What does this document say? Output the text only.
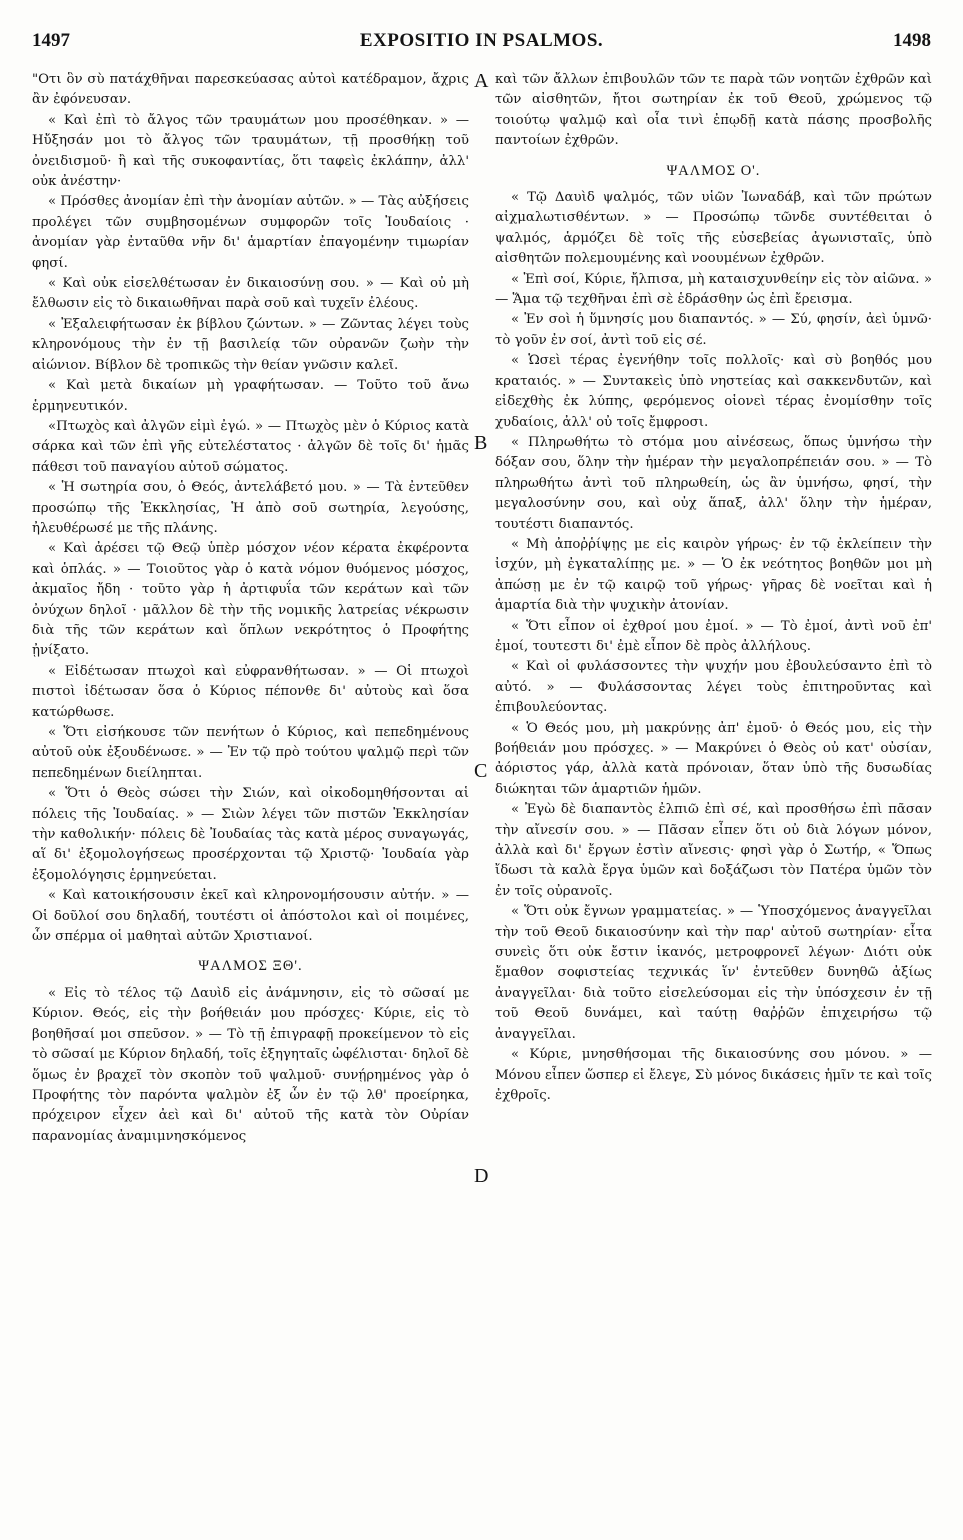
1497	EXPOSITIO IN PSALMOS.	1498

"Οτι ὃν σὺ πατάχθῆναι παρεσκεύασας αὐτοὶ κατέδραμον, ἄχρις ἂν ἐφόνευσαν.

« Καὶ ἐπὶ τὸ ἄλγος τῶν τραυμάτων μου προσέθηκαν. » — Ηὔξησάν μοι τὸ ἄλγος τῶν τραυμάτων, τῇ προσθήκῃ τοῦ ὀνειδισμοῦ· ἢ καὶ τῆς συκοφαντίας, ὅτι ταφεὶς ἐκλάπην, ἀλλ' οὐκ ἀνέστην·

« Πρόσθες ἀνομίαν ἐπὶ τὴν ἀνομίαν αὐτῶν. » — Τὰς αὐξήσεις προλέγει τῶν συμβησομένων συμφορῶν τοῖς Ἰουδαίοις · ἀνομίαν γὰρ ἐνταῦθα νῆν δι' ἁμαρτίαν ἐπαγομένην τιμωρίαν φησί.

« Καὶ οὐκ εἰσελθέτωσαν ἐν δικαιοσύνῃ σου. » — Καὶ οὐ μὴ ἔλθωσιν εἰς τὸ δικαιωθῆναι παρὰ σοῦ καὶ τυχεῖν ἐλέους.

« Ἐξαλειφήτωσαν ἐκ βίβλου ζώντων. » — Ζῶντας λέγει τοὺς κληρονόμους τὴν ἐν τῇ βασιλείᾳ τῶν οὐρανῶν ζωὴν τὴν αἰώνιον. Βίβλον δὲ τροπικῶς τὴν θείαν γνῶσιν καλεῖ.

« Καὶ μετὰ δικαίων μὴ γραφήτωσαν. — Τοῦτο τοῦ ἄνω ἑρμηνευτικόν.

«Πτωχὸς καὶ ἀλγῶν εἰμὶ ἐγώ. » — Πτωχὸς μὲν ὁ Κύριος κατὰ σάρκα καὶ τῶν ἐπὶ γῆς εὐτελέστατος · ἀλγῶν δὲ τοῖς δι' ἡμᾶς πάθεσι τοῦ παναγίου αὐτοῦ σώματος.

« Ἡ σωτηρία σου, ὁ Θεός, ἀντελάβετό μου. » — Τὰ ἐντεῦθεν προσώπῳ τῆς Ἐκκλησίας, Ἡ ἀπὸ σοῦ σωτηρία, λεγούσης, ἠλευθέρωσέ με τῆς πλάνης.

« Καὶ ἀρέσει τῷ Θεῷ ὑπὲρ μόσχον νέον κέρατα ἐκφέροντα καὶ ὁπλάς. » — Τοιοῦτος γὰρ ὁ κατὰ νόμον θυόμενος μόσχος, ἀκμαῖος ἤδη · τοῦτο γὰρ ἡ ἀρτιφυΐα τῶν κεράτων καὶ τῶν ὀνύχων δηλοῖ · μᾶλλον δὲ τὴν τῆς νομικῆς λατρείας νέκρωσιν διὰ τῆς τῶν κεράτων καὶ ὅπλων νεκρότητος ὁ Προφήτης ᾐνίξατο.

« Εἰδέτωσαν πτωχοὶ καὶ εὐφρανθήτωσαν. » — Οἱ πτωχοὶ πιστοὶ ἰδέτωσαν ὅσα ὁ Κύριος πέπονθε δι' αὐτοὺς καὶ ὅσα κατώρθωσε.

« Ὅτι εἰσήκουσε τῶν πενήτων ὁ Κύριος, καὶ πεπεδημένους αὐτοῦ οὐκ ἐξουδένωσε. » — Ἐν τῷ πρὸ τούτου ψαλμῷ περὶ τῶν πεπεδημένων διείληπται.

« Ὅτι ὁ Θεὸς σώσει τὴν Σιών, καὶ οἰκοδομηθήσονται αἱ πόλεις τῆς Ἰουδαίας. » — Σιὼν λέγει τῶν πιστῶν Ἐκκλησίαν τὴν καθολικήν· πόλεις δὲ Ἰουδαίας τὰς κατὰ μέρος συναγωγάς, αἵ δι' ἐξομολογήσεως προσέρχονται τῷ Χριστῷ· Ἰουδαία γὰρ ἐξομολόγησις ἑρμηνεύεται.

« Καὶ κατοικήσουσιν ἐκεῖ καὶ κληρονομήσουσιν αὐτήν. » — Οἱ δοῦλοί σου δηλαδή, τουτέστι οἱ ἀπόστολοι καὶ οἱ ποιμένες, ὧν σπέρμα οἱ μαθηταὶ αὐτῶν Χριστιανοί.

ΨΑΛΜΟΣ ΞΘ'.

« Εἰς τὸ τέλος τῷ Δαυὶδ εἰς ἀνάμνησιν, εἰς τὸ σῶσαί με Κύριον. Θεός, εἰς τὴν βοήθειάν μου πρόσχες· Κύριε, εἰς τὸ βοηθῆσαί μοι σπεῦσον. » — Τὸ τῇ ἐπιγραφῇ προκείμενον τὸ εἰς τὸ σῶσαί με Κύριον δηλαδή, τοῖς ἐξηγηταῖς ὠφέλισται· δηλοῖ δὲ ὅμως ἐν βραχεῖ τὸν σκοπὸν τοῦ ψαλμοῦ· συνῄρημένος γὰρ ὁ Προφήτης τὸν παρόντα ψαλμὸν ἐξ ὧν ἐν τῷ λθ' προείρηκα, πρόχειρον εἶχεν ἀεὶ καὶ δι' αὐτοῦ τῆς κατὰ τὸν Οὐρίαν παρανομίας ἀναμιμνησκόμενος

καὶ τῶν ἄλλων ἐπιβουλῶν τῶν τε παρὰ τῶν νοητῶν ἐχθρῶν καὶ τῶν αἰσθητῶν, ἤτοι σωτηρίαν ἐκ τοῦ Θεοῦ, χρώμενος τῷ τοιούτῳ ψαλμῷ καὶ οἷα τινὶ ἐπῳδῇ κατὰ πάσης προσβολῆς παντοίων ἐχθρῶν.

ΨΑΛΜΟΣ Ο'.

« Τῷ Δαυὶδ ψαλμός, τῶν υἱῶν Ἰωναδάβ, καὶ τῶν πρώτων αἰχμαλωτισθέντων. » — Προσώπῳ τῶνδε συντέθειται ὁ ψαλμός, ἁρμόζει δὲ τοῖς τῆς εὐσεβείας ἀγωνισταῖς, ὑπὸ αἰσθητῶν πολεμουμένης καὶ νοουμένων ἐχθρῶν.

« Ἐπὶ σοί, Κύριε, ἤλπισα, μὴ καταισχυνθείην εἰς τὸν αἰῶνα. » — Ἅμα τῷ τεχθῆναι ἐπὶ σὲ ἑδράσθην ὡς ἐπὶ ἔρεισμα.

« Ἐν σοὶ ἡ ὕμνησίς μου διαπαντός. » — Σύ, φησίν, ἀεὶ ὑμνῶ· τὸ γοῦν ἐν σοί, ἀντὶ τοῦ εἰς σέ.

« Ὡσεὶ τέρας ἐγενήθην τοῖς πολλοῖς· καὶ σὺ βοηθός μου κραταιός. » — Συντακεὶς ὑπὸ νηστείας καὶ σακκενδυτῶν, καὶ εἰδεχθὴς ἐκ λύπης, φερόμενος οἱονεὶ τέρας ἐνομίσθην τοῖς χυδαίοις, ἀλλ' οὐ τοῖς ἔμφροσι.

« Πληρωθήτω τὸ στόμα μου αἰνέσεως, ὅπως ὑμνήσω τὴν δόξαν σου, ὅλην τὴν ἡμέραν τὴν μεγαλοπρέπειάν σου. » — Τὸ πληρωθήτω ἀντὶ τοῦ πληρωθείη, ὡς ἂν ὑμνήσω, φησί, τὴν μεγαλοσύνην σου, καὶ οὐχ ἅπαξ, ἀλλ' ὅλην τὴν ἡμέραν, τουτέστι διαπαντός.

« Μὴ ἀποῤῥίψῃς με εἰς καιρὸν γήρως· ἐν τῷ ἐκλείπειν τὴν ἰσχύν, μὴ ἐγκαταλίπῃς με. » — Ὁ ἐκ νεότητος βοηθῶν μοι μὴ ἀπώσῃ με ἐν τῷ καιρῷ τοῦ γήρως· γῆρας δὲ νοεῖται καὶ ἡ ἁμαρτία διὰ τὴν ψυχικὴν ἀτονίαν.

« Ὅτι εἶπον οἱ ἐχθροί μου ἐμοί. » — Τὸ ἐμοί, ἀντὶ νοῦ ἐπ' ἐμοί, τουτεστι δι' ἐμὲ εἶπον δὲ πρὸς ἀλλήλους.

« Καὶ οἱ φυλάσσοντες τὴν ψυχήν μου ἐβουλεύσαντο ἐπὶ τὸ αὐτό. » — Φυλάσσοντας λέγει τοὺς ἐπιτηροῦντας καὶ ἐπιβουλεύοντας.

« Ὁ Θεός μου, μὴ μακρύνῃς ἀπ' ἐμοῦ· ὁ Θεός μου, εἰς τὴν βοήθειάν μου πρόσχες. » — Μακρύνει ὁ Θεὸς οὐ κατ' οὐσίαν, ἀόριστος γάρ, ἀλλὰ κατὰ πρόνοιαν, ὅταν ὑπὸ τῆς δυσωδίας διώκηται τῶν ἁμαρτιῶν ἡμῶν.

« Ἐγὼ δὲ διαπαντὸς ἐλπιῶ ἐπὶ σέ, καὶ προσθήσω ἐπὶ πᾶσαν τὴν αἴνεσίν σου. » — Πᾶσαν εἶπεν ὅτι οὐ διὰ λόγων μόνον, ἀλλὰ καὶ δι' ἔργων ἐστὶν αἴνεσις· φησὶ γὰρ ὁ Σωτήρ, « Ὅπως ἴδωσι τὰ καλὰ ἔργα ὑμῶν καὶ δοξάζωσι τὸν Πατέρα ὑμῶν τὸν ἐν τοῖς οὐρανοῖς.

« Ὅτι οὐκ ἔγνων γραμματείας. » — Ὑποσχόμενος ἀναγγεῖλαι τὴν τοῦ Θεοῦ δικαιοσύνην καὶ τὴν παρ' αὐτοῦ σωτηρίαν· εἶτα συνεὶς ὅτι οὐκ ἔστιν ἱκανός, μετροφρονεῖ λέγων· Διότι οὐκ ἔμαθον σοφιστείας τεχνικάς ἵν' ἐντεῦθεν δυνηθῶ ἀξίως ἀναγγεῖλαι· διὰ τοῦτο εἰσελεύσομαι εἰς τὴν ὑπόσχεσιν ἐν τῇ τοῦ Θεοῦ δυνάμει, καὶ ταύτῃ θαῤῥῶν ἐπιχειρήσω τῷ ἀναγγεῖλαι.

« Κύριε, μνησθήσομαι τῆς δικαιοσύνης σου μόνου. » — Μόνου εἶπεν ὥσπερ εἰ ἔλεγε, Σὺ μόνος δικάσεις ἡμῖν τε καὶ τοῖς ἐχθροῖς.

A
B
C
D
